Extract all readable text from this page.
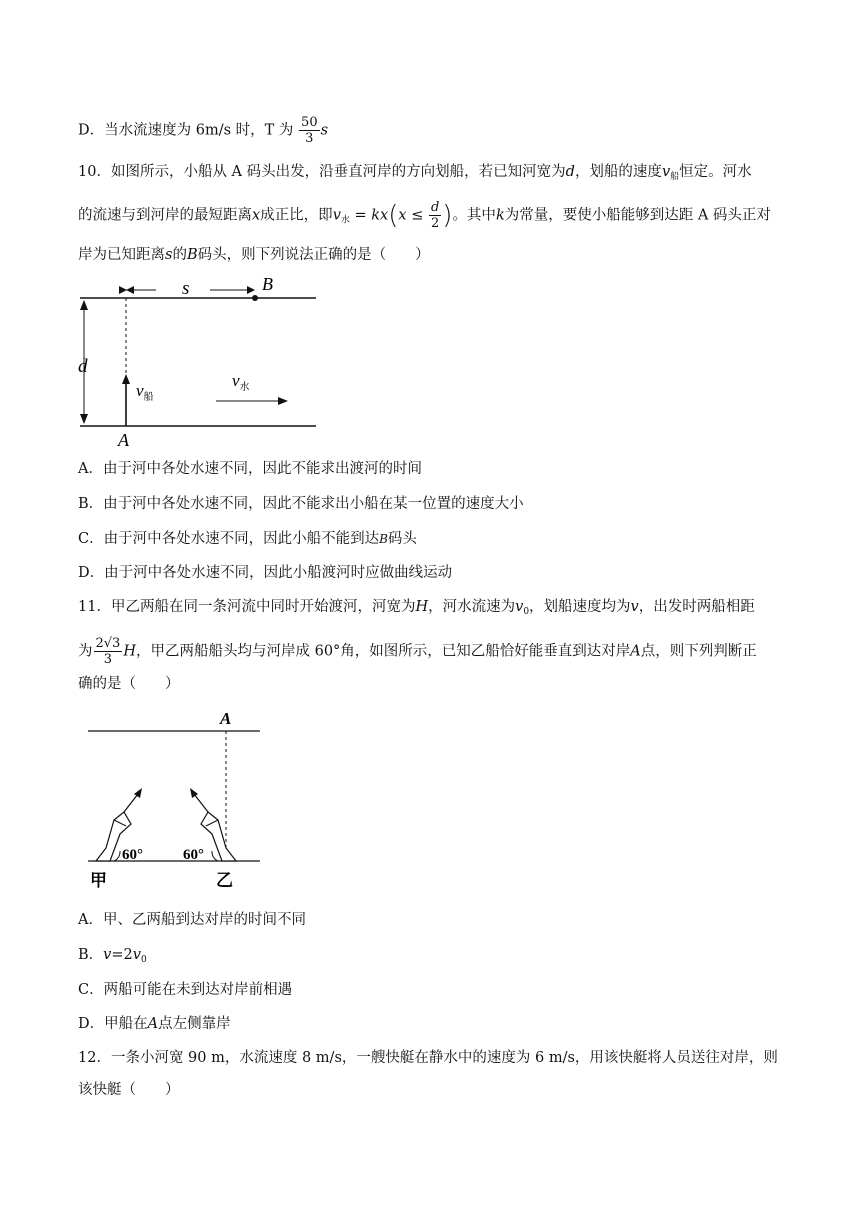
D．当水流速度为 6m/s 时，T 为 $\frac{50}{3}$ s
10．如图所示，小船从 A 码头出发，沿垂直河岸的方向划船，若已知河宽为d，划船的速度$v_船$恒定。河水
的流速与到河岸的最短距离x成正比，即$v_水 = kx(x \le \frac{d}{2}$ )。其中k为常量，要使小船能够到达距 A 码头正对
岸为已知距离s的B码头，则下列说法正确的是（　　）
s	B
d
$v_船$
$v_水$
A
A．由于河中各处水速不同，因此不能求出渡河的时间
B．由于河中各处水速不同，因此不能求出小船在某一位置的速度大小
C．由于河中各处水速不同，因此小船不能到达B码头
D．由于河中各处水速不同，因此小船渡河时应做曲线运动
11．甲乙两船在同一条河流中同时开始渡河，河宽为H，河水流速为$v_0$，划船速度均为v，出发时两船相距
为 $\frac{2√3}{3}$ H，甲乙两船船头均与河岸成 60°角，如图所示，已知乙船恰好能垂直到达对岸A点，则下列判断正
确的是（　　）
A
60°	60°
甲	乙
A．甲、乙两船到达对岸的时间不同
B．$v=2v_0$
C．两船可能在未到达对岸前相遇
D．甲船在A点左侧靠岸
12．一条小河宽 90 m，水流速度 8 m/s，一艘快艇在静水中的速度为 6 m/s，用该快艇将人员送往对岸，则
该快艇（　　）
